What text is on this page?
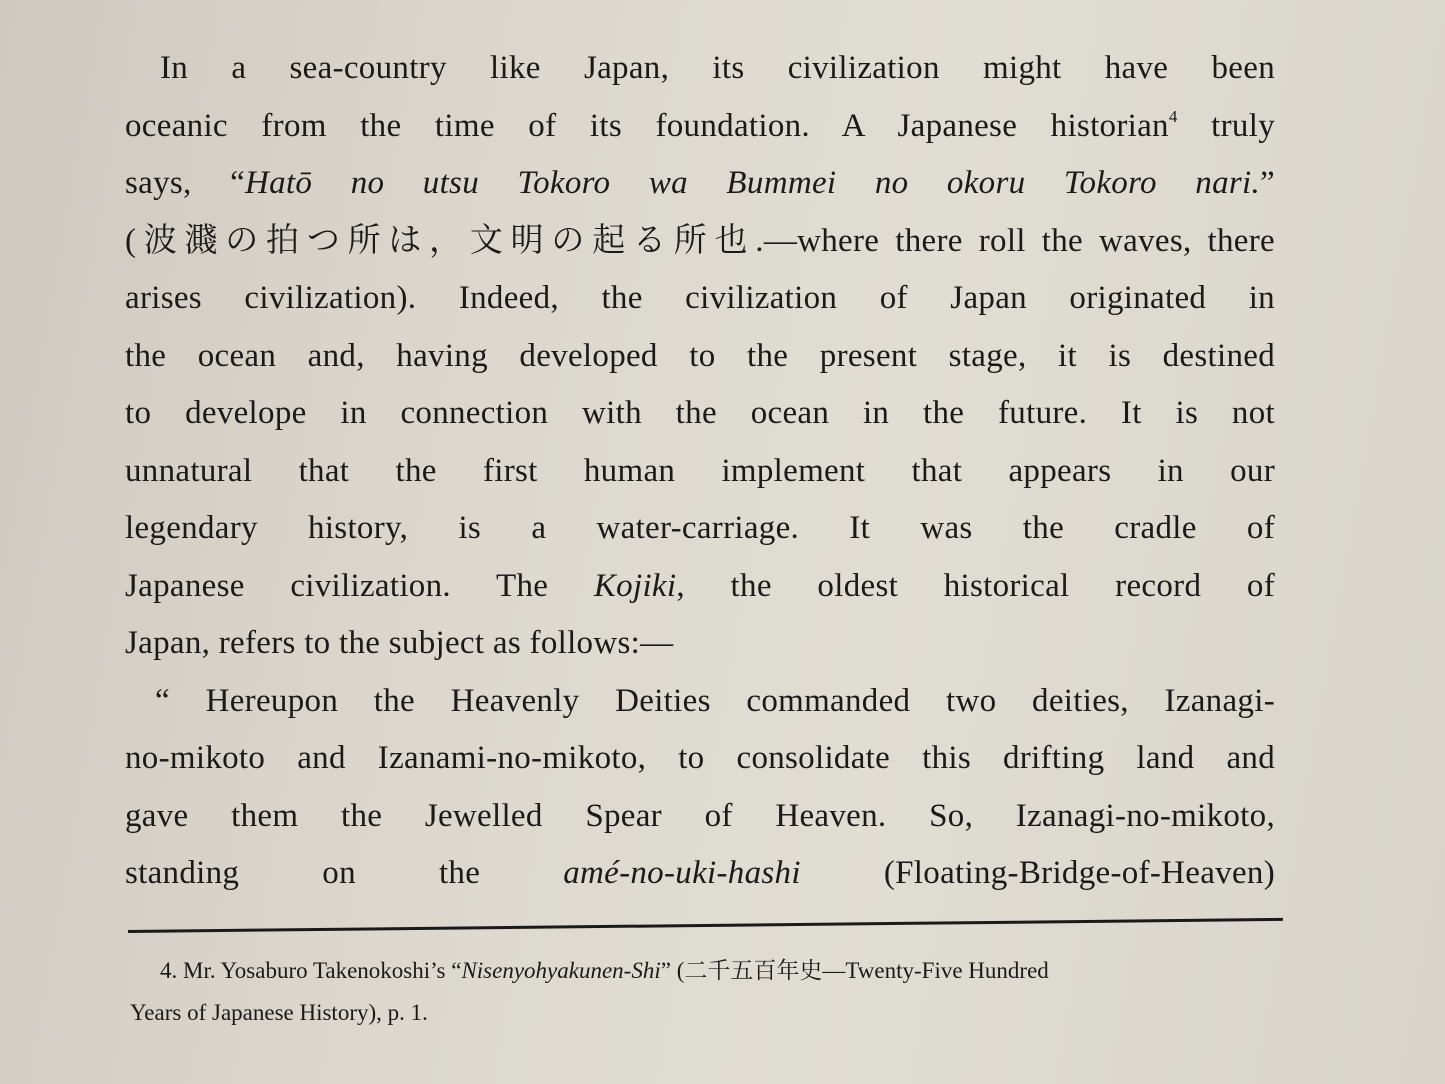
In a sea-country like Japan, its civilization might have been
oceanic from the time of its foundation. A Japanese historian$^4$ truly
says, “Hatō no utsu Tokoro wa Bummei no okoru Tokoro nari.”
(波濺の拍つ所は，文明の起る所也.—where there roll the waves, there
arises civilization). Indeed, the civilization of Japan originated in
the ocean and, having developed to the present stage, it is destined
to develope in connection with the ocean in the future. It is not
unnatural that the first human implement that appears in our
legendary history, is a water-carriage. It was the cradle of
Japanese civilization. The Kojiki, the oldest historical record of
Japan, refers to the subject as follows:—
“ Hereupon the Heavenly Deities commanded two deities, Izanagi-
no-mikoto and Izanami-no-mikoto, to consolidate this drifting land and
gave them the Jewelled Spear of Heaven. So, Izanagi-no-mikoto,
standing on the amé-no-uki-hashi (Floating-Bridge-of-Heaven)
4. Mr. Yosaburo Takenokoshi’s “Nisenyohyakunen-Shi” (二千五百年史—Twenty-Five Hundred
Years of Japanese History), p. 1.
